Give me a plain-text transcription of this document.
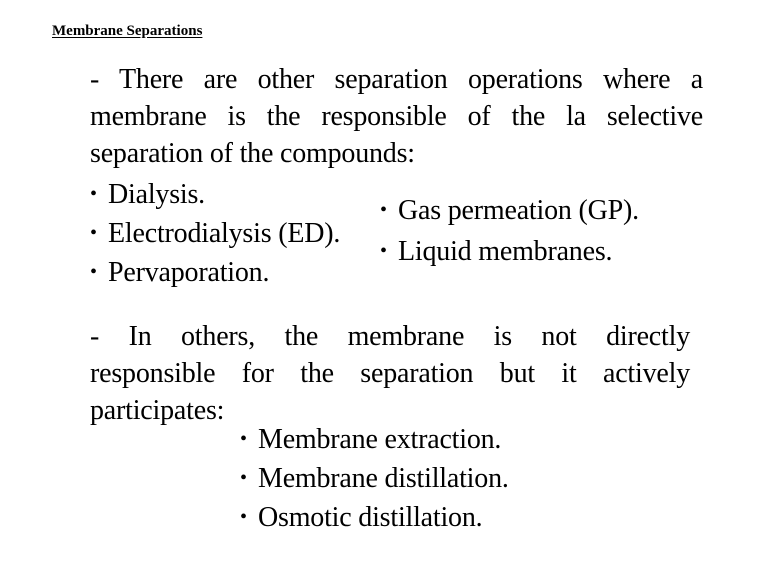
Membrane Separations
- There are other separation operations where a membrane is the responsible of the la selective separation of the compounds:
• Dialysis.
• Electrodialysis (ED).
• Pervaporation.
• Gas permeation (GP).
• Liquid membranes.
- In others, the membrane is not directly responsible for the separation but it actively participates:
• Membrane extraction.
• Membrane distillation.
• Osmotic distillation.
